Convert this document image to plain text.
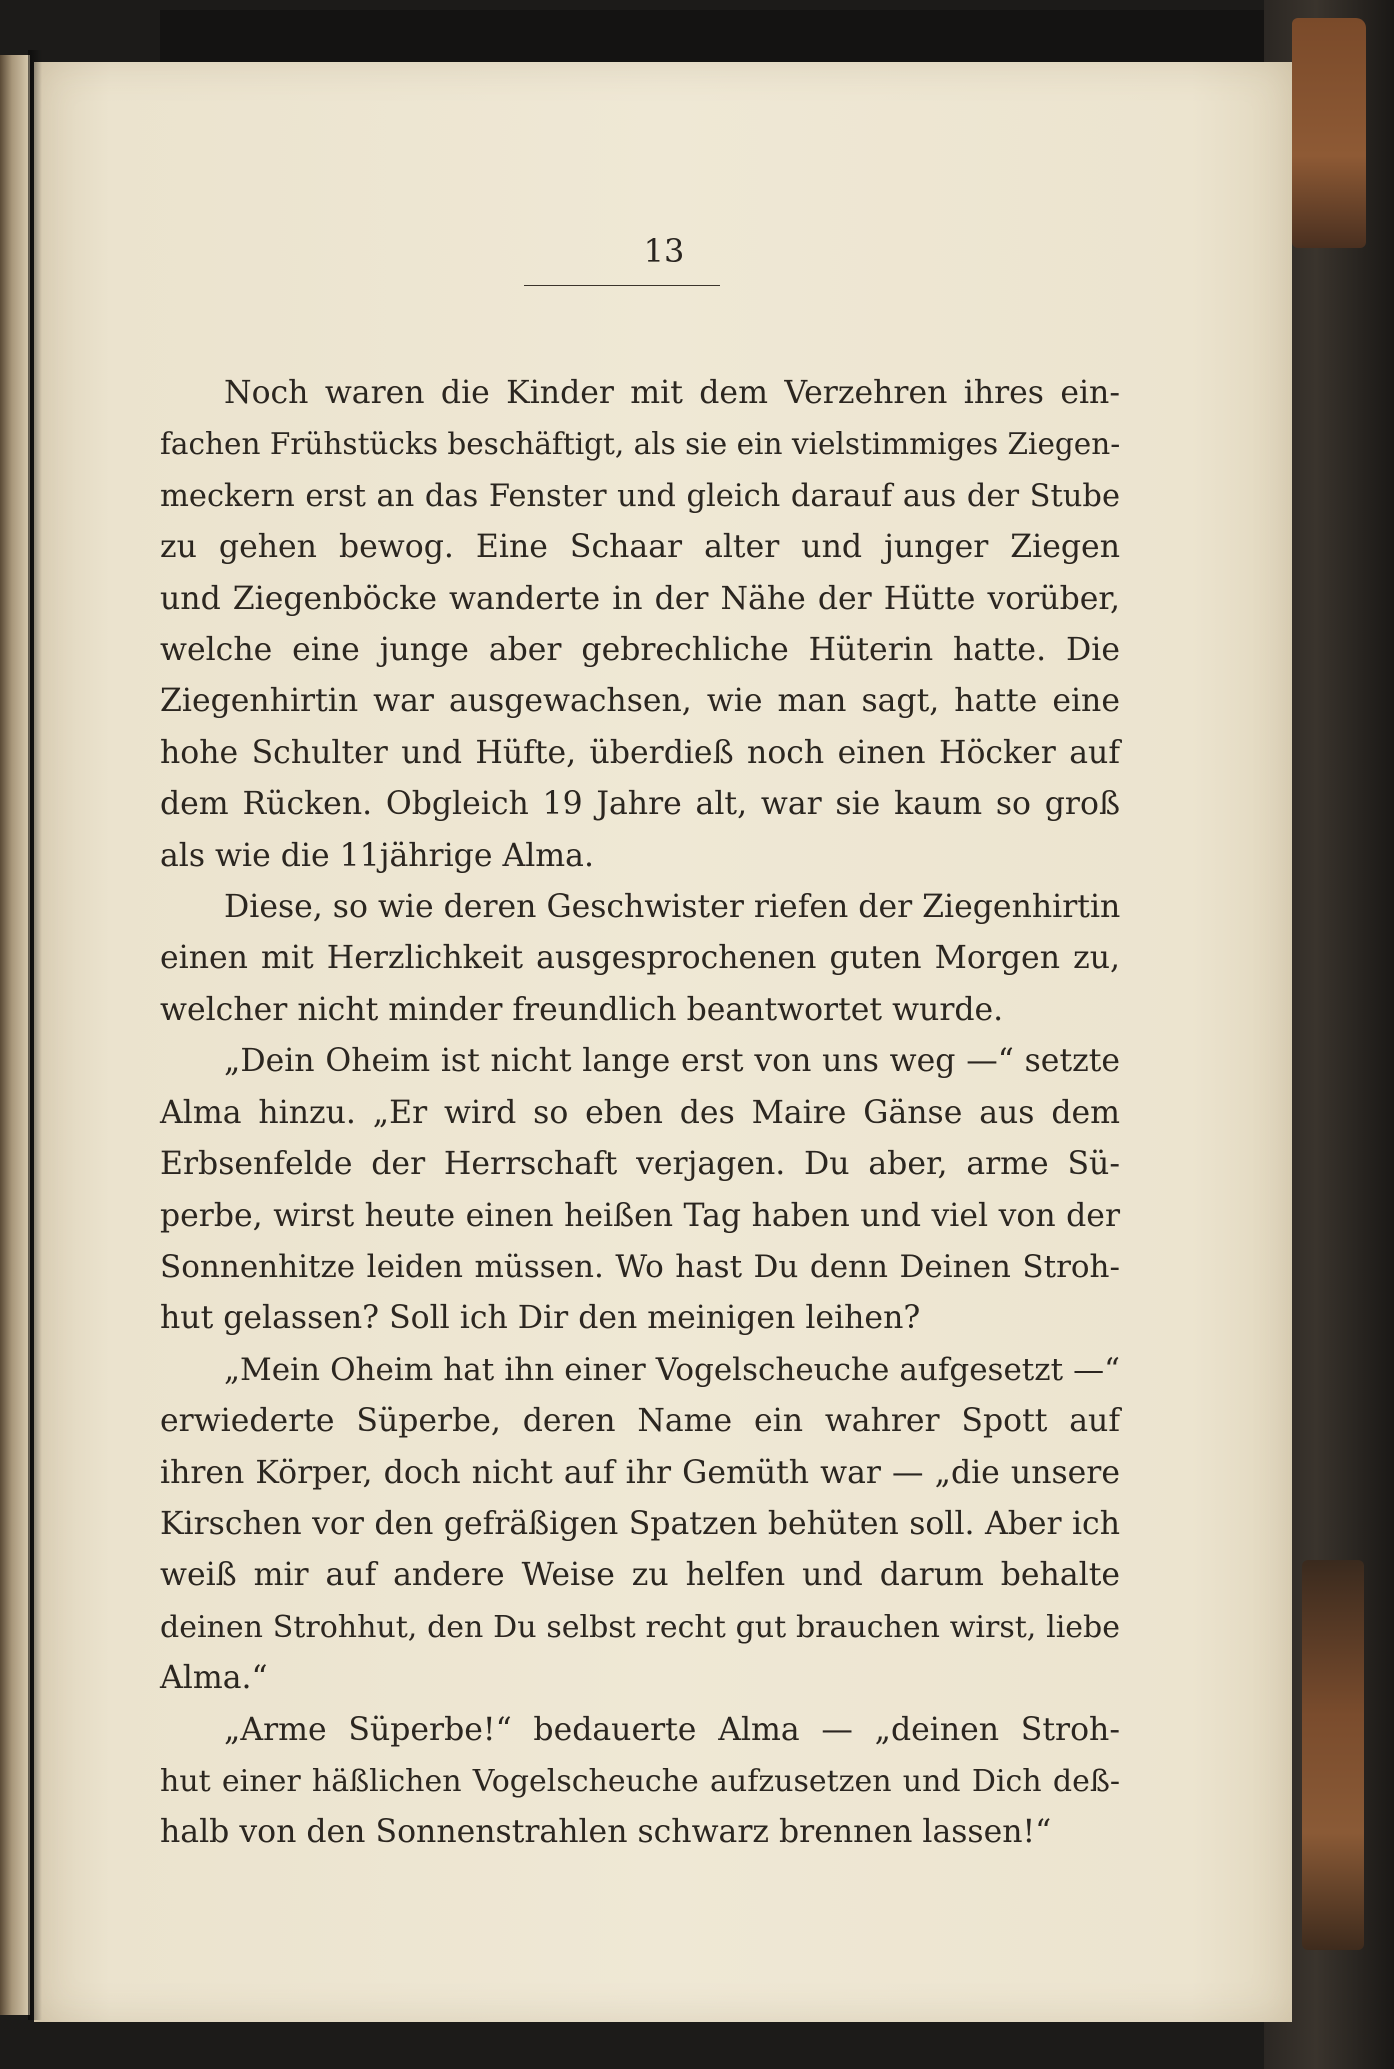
13

Noch waren die Kinder mit dem Verzehren ihres ein-
fachen Frühstücks beschäftigt, als sie ein vielstimmiges Ziegen-
meckern erst an das Fenster und gleich darauf aus der Stube
zu gehen bewog. Eine Schaar alter und junger Ziegen
und Ziegenböcke wanderte in der Nähe der Hütte vorüber,
welche eine junge aber gebrechliche Hüterin hatte. Die
Ziegenhirtin war ausgewachsen, wie man sagt, hatte eine
hohe Schulter und Hüfte, überdieß noch einen Höcker auf
dem Rücken. Obgleich 19 Jahre alt, war sie kaum so groß
als wie die 11jährige Alma.

Diese, so wie deren Geschwister riefen der Ziegenhirtin
einen mit Herzlichkeit ausgesprochenen guten Morgen zu,
welcher nicht minder freundlich beantwortet wurde.

„Dein Oheim ist nicht lange erst von uns weg —“ setzte
Alma hinzu. „Er wird so eben des Maire Gänse aus dem
Erbsenfelde der Herrschaft verjagen. Du aber, arme Sü-
perbe, wirst heute einen heißen Tag haben und viel von der
Sonnenhitze leiden müssen. Wo hast Du denn Deinen Stroh-
hut gelassen? Soll ich Dir den meinigen leihen?

„Mein Oheim hat ihn einer Vogelscheuche aufgesetzt —“
erwiederte Süperbe, deren Name ein wahrer Spott auf
ihren Körper, doch nicht auf ihr Gemüth war — „die unsere
Kirschen vor den gefräßigen Spatzen behüten soll. Aber ich
weiß mir auf andere Weise zu helfen und darum behalte
deinen Strohhut, den Du selbst recht gut brauchen wirst, liebe
Alma.“

„Arme Süperbe!“ bedauerte Alma — „deinen Stroh-
hut einer häßlichen Vogelscheuche aufzusetzen und Dich deß-
halb von den Sonnenstrahlen schwarz brennen lassen!“
